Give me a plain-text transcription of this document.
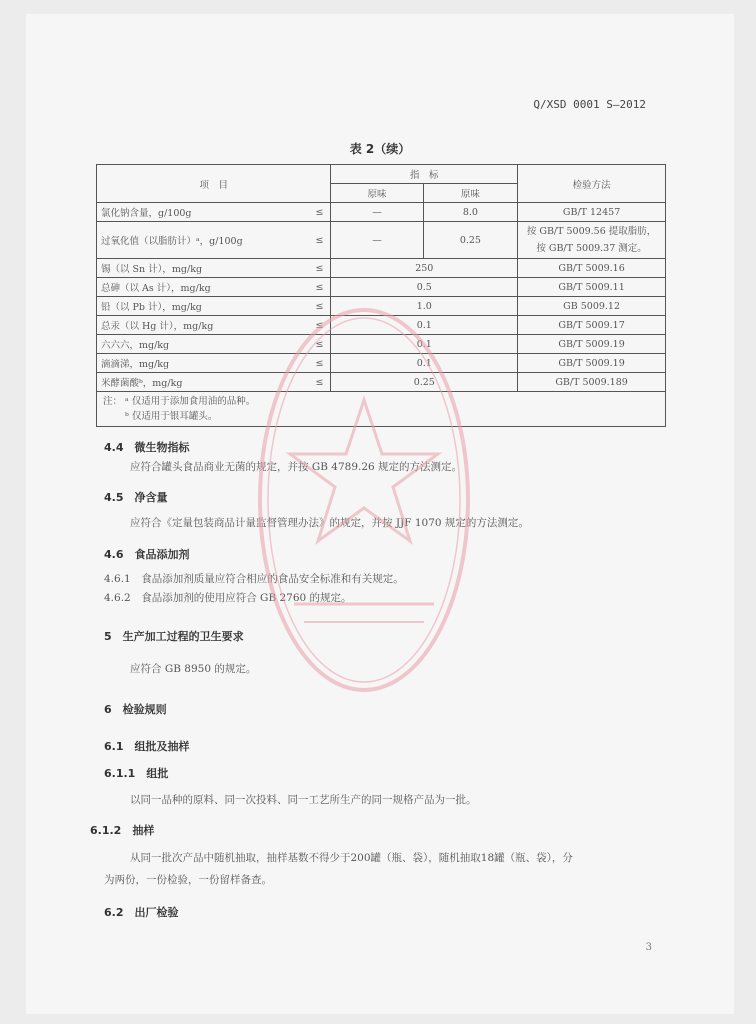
Q/XSD 0001 S—2012
表 2（续）
项　目		指　标		检验方法
		原味	原味	
氯化钠含量，g/100g	≤	—	8.0	GB/T 12457
过氧化值（以脂肪计）ᵃ，g/100g	≤	—	0.25	按 GB/T 5009.56 提取脂肪，
按 GB/T 5009.37 测定。

锡（以 Sn 计），mg/kg	≤	250		GB/T 5009.16
总砷（以 As 计），mg/kg	≤	0.5		GB/T 5009.11
铅（以 Pb 计），mg/kg	≤	1.0		GB 5009.12
总汞（以 Hg 计），mg/kg	≤	0.1		GB/T 5009.17
六六六，mg/kg	≤	0.1		GB/T 5009.19
滴滴涕，mg/kg	≤	0.1		GB/T 5009.19
米酵菌酸ᵇ，mg/kg	≤	0.25		GB/T 5009.189
注： ᵃ 仅适用于添加食用油的品种。
ᵇ 仅适用于银耳罐头。				
4.4　微生物指标
应符合罐头食品商业无菌的规定，并按 GB 4789.26 规定的方法测定。
4.5　净含量
应符合《定量包装商品计量监督管理办法》的规定，并按 JJF 1070 规定的方法测定。
4.6　食品添加剂
4.6.1　食品添加剂质量应符合相应的食品安全标准和有关规定。
4.6.2　食品添加剂的使用应符合 GB 2760 的规定。
5　生产加工过程的卫生要求
应符合 GB 8950 的规定。
6　检验规则
6.1　组批及抽样
6.1.1　组批
以同一品种的原料、同一次投料、同一工艺所生产的同一规格产品为一批。
6.1.2　抽样
从同一批次产品中随机抽取，抽样基数不得少于200罐（瓶、袋），随机抽取18罐（瓶、袋），分
为两份，一份检验，一份留样备查。
6.2　出厂检验
3
